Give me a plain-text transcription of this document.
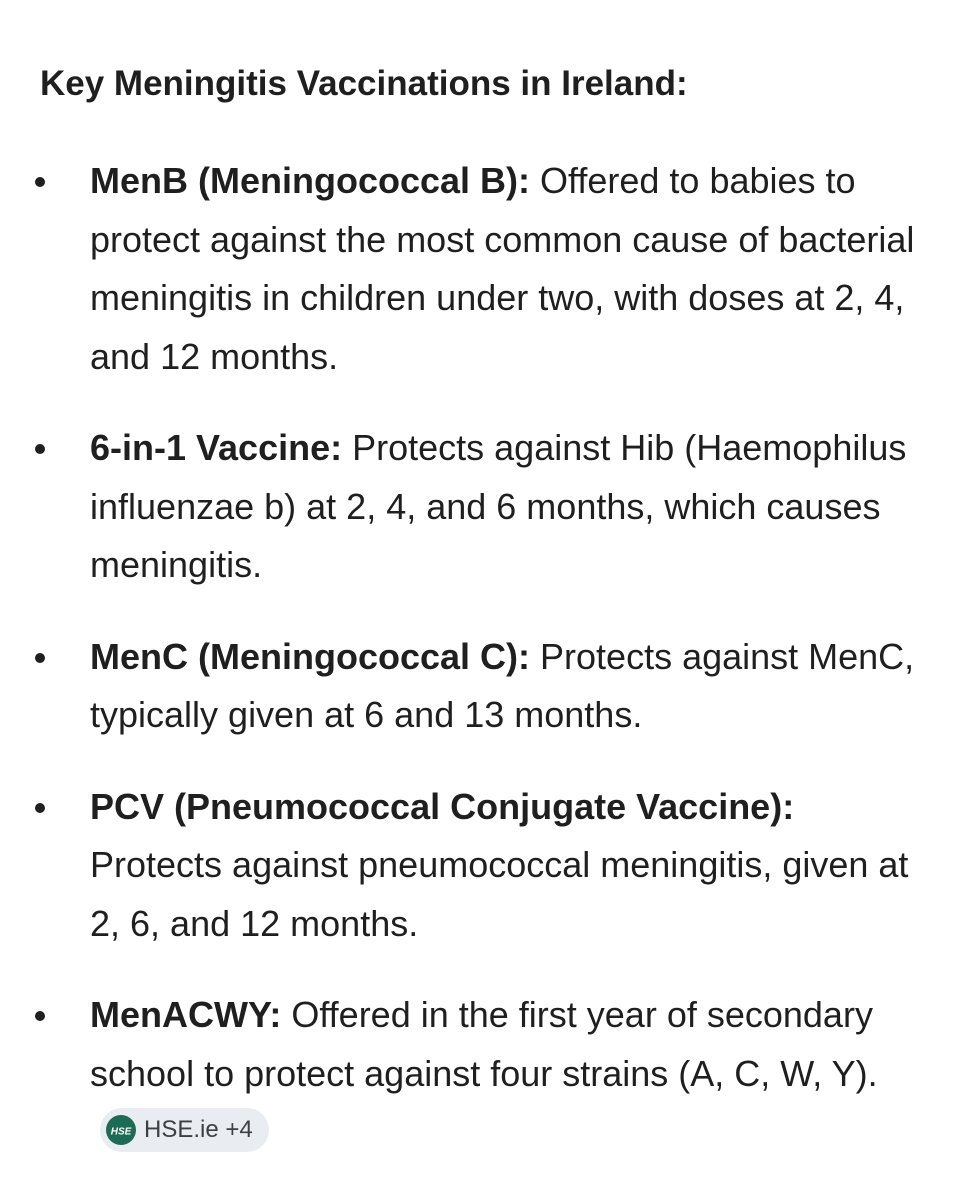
Key Meningitis Vaccinations in Ireland:
MenB (Meningococcal B): Offered to babies to protect against the most common cause of bacterial meningitis in children under two, with doses at 2, 4, and 12 months.
6-in-1 Vaccine: Protects against Hib (Haemophilus influenzae b) at 2, 4, and 6 months, which causes meningitis.
MenC (Meningococcal C): Protects against MenC, typically given at 6 and 13 months.
PCV (Pneumococcal Conjugate Vaccine): Protects against pneumococcal meningitis, given at 2, 6, and 12 months.
MenACWY: Offered in the first year of secondary school to protect against four strains (A, C, W, Y).
HSE HSE.ie +4
